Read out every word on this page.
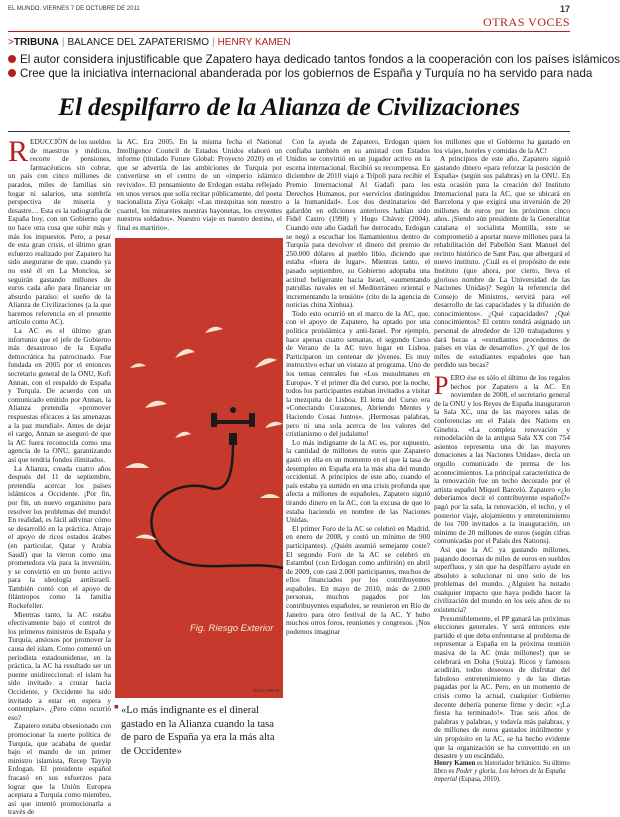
EL MUNDO. VIERNES 7 DE OCTUBRE DE 2011	17
OTRAS VOCES
>TRIBUNA | BALANCE DEL ZAPATERISMO | HENRY KAMEN
El autor considera injustificable que Zapatero haya dedicado tantos fondos a la cooperación con los países islámicos
Cree que la iniciativa internacional abanderada por los gobiernos de España y Turquía no ha servido para nada
El despilfarro de la Alianza de Civilizaciones

REDUCCIÓN de los sueldos de maestros y médicos, recorte de pensiones, farmacéuticos sin cobrar, un país con cinco millones de parados, miles de familias sin hogar ni salarios, una sombría perspectiva de miseria y desastre… Esta es la radiografía de España hoy, con un Gobierno que no hace otra cosa que subir más y más los impuestos. Pero, a pesar de esta gran crisis, el último gran esfuerzo realizado por Zapatero ha sido asegurarse de que, cuando ya no esté él en La Moncloa, se seguirán gastando millones de euros cada año para financiar un absurdo paraíso: el sueño de la Alianza de Civilizaciones (a la que haremos referencia en el presente artículo como AC).

La AC es el último gran infortunio que el jefe de Gobierno más desastroso de la España democrática ha patrocinado. Fue fundada en 2005 por el entonces secretario general de la ONU, Kofi Annan, con el respaldo de España y Turquía. De acuerdo con un comunicado emitido por Annan, la Alianza pretendía «promover respuestas eficaces a las amenazas a la paz mundial». Antes de dejar el cargo, Annan se aseguró de que la AC fuera reconocida como una agencia de la ONU, garantizando así que tendría fondos ilimitados.

La Alianza, creada cuatro años después del 11 de septiembre, pretendía acercar los países islámicos a Occidente. ¡Por fin, por fin, un nuevo organismo para resolver los problemas del mundo! En realidad, es fácil adivinar cómo se desarrolló en la práctica. Atrajo el apoyo de ricos estados árabes (en particular, Qatar y Arabia Saudí) que la vieron como una prometedora vía para la inversión, y se convirtió en un frente activo para la ideología antiisraelí. También contó con el apoyo de filántropos como la familia Rockefeller.

Mientras tanto, la AC estaba efectivamente bajo el control de los primeros ministros de España y Turquía, ansiosos por promover la causa del islam. Como comentó un periodista estadounidense, en la práctica, la AC ha resultado ser un puente unidireccional: el islam ha sido invitado a cruzar hacia Occidente, y Occidente ha sido invitado a estar en espera y contemplar». ¿Pero cómo ocurrió eso?

Zapatero estaba obsesionado con promocionar la suerte política de Turquía, que acababa de quedar bajo el mando de un primer ministro islamista, Recep Tayyip Erdogan. El presidente español fracasó en sus esfuerzos para lograr que la Unión Europea aceptara a Turquía como miembro, así que intentó promocionarla a través de

la AC. Era 2005. En la misma fecha el National Intelligence Council de Estados Unidos elaboró un informe (titulado Future Global: Proyecto 2020) en el que se advertía de las ambiciones de Turquía por convertirse en el centro de un «imperio islámico revivido». El pensamiento de Erdogan estaba reflejado en unos versos que solía recitar públicamente, del poeta nacionalista Ziya Gokalp: «Las mezquitas son nuestro cuartel, los minaretes nuestras bayonetas, los creyentes nuestros soldados». Nuestro viaje es nuestro destino, el final es martirio».

Fig. Riesgo Exterior
RAUL ARIAS
▪ «Lo más indignante es el dineral gastado en la Alianza cuando la tasa de paro de España ya era la más alta de Occidente»

Con la ayuda de Zapatero, Erdogan quien confiaba también en su amistad con Estados Unidos se convirtió en un jugador activo en la escena internacional. Recibió su recompensa. En diciembre de 2010 viajó a Trípoli para recibir el Premio Internacional Al Gadafi para los Derechos Humanos, por «servicios distinguidos a la humanidad». Los dos destinatarios del galardón en ediciones anteriores habían sido Fidel Castro (1998) y Hugo Chávez (2004). Cuando este año Gadafi fue derrocado, Erdogan se negó a escuchar los llamamientos dentro de Turquía para devolver el dinero del premio de 250.000 dólares al pueblo libio, diciendo que estaba «fuera de lugar». Mientras tanto, el pasado septiembre, su Gobierno adoptaba una actitud beligerante hacia Israel, «aumentando patrullas navales en el Mediterráneo oriental e incrementando la tensión» (cito de la agencia de noticias china Xinhua).

Todo esto ocurrió en el marco de la AC, que, con el apoyo de Zapatero, ha optado por una política proislámica y anti-Israel. Por ejemplo, hace apenas cuatro semanas, el segundo Curso de Verano de la AC tuvo lugar en Lisboa. Participaron un centenar de jóvenes. Es muy instructivo echar un vistazo al programa. Uno de los temas centrales fue «Los musulmanes en Europa». Y el primer día del curso, por la noche, todos los participantes estaban invitados a visitar la mezquita de Lisboa. El lema del Curso era «Conectando Corazones, Abriendo Mentes y Haciendo Cosas Juntos». ¡Hermosas palabras, pero ni una sola acerca de los valores del cristianismo o del judaísmo!

Lo más indignante de la AC es, por supuesto, la cantidad de millones de euros que Zapatero gastó en ella en un momento en el que la tasa de desempleo en España era la más alta del mundo occidental. A principios de este año, cuando el país estaba ya sumido en una crisis profunda que afecta a millones de españoles, Zapatero siguió tirando dinero en la AC, con la excusa de que lo estaba haciendo en nombre de las Naciones Unidas.

El primer Foro de la AC se celebró en Madrid, en enero de 2008, y costó un mínimo de 900 participantes). ¿Quién asumió semejante coste? El segundo Foro de la AC se celebró en Estambul (con Erdogan como anfitrión) en abril de 2009, con casi 2.000 participantes, muchos de ellos financiados por los contribuyentes españoles. En mayo de 2010, más de 2.000 personas, muchos pagados por los contribuyentes españoles, se reunieron en Río de Janeiro para otro festival de la AC. Y hubo muchos otros foros, reuniones y congresos. ¡Nos podemos imaginar

los millones que el Gobierno ha gastado en los viajes, hoteles y comidas de la AC!

A principios de este año, Zapatero siguió gastando dinero «para reforzar la posición de España» (según sus palabras) en la ONU. En esta ocasión para la creación del Instituto Internacional para la AC, que se ubicará en Barcelona y que exigirá una inversión de 20 millones de euros por los próximos cinco años. ¡Siendo aún presidente de la Generalitat catalana el socialista Montilla, este se comprometió a aportar nueve millones para la rehabilitación del Pabellón Sant Manuel del recinto histórico de Sant Pau, que albergará el nuevo instituto. ¿Cuál es el propósito de este Instituto (que ahora, por cierto, lleva el glorioso nombre de La Universidad de las Naciones Unidas)? Según la referencia del Consejo de Ministros, servirá para «el desarrollo de las capacidades y la difusión de conocimientos». ¿Qué capacidades? ¿Qué conocimientos? El centro tendrá asignado un personal de alrededor de 120 trabajadores y dará becas a «estudiantes procedentes de países en vías de desarrollo». ¿Y qué de los miles de estudiantes españoles que han perdido sus becas?

PERO ése es sólo el último de los regalos hechos por Zapatero a la AC. En noviembre de 2008, el secretario general de la ONU y los Reyes de España inauguraron la Sala XC, una de las mayores salas de conferencias en el Palais des Nations en Ginebra. «La completa renovación y remodelación de la antigua Sala XX con 754 asientos representa una de las mayores donaciones a las Naciones Unidas», decía un orgullo comunicado de prensa de los acontecimientos. La principal característica de la renovación fue un techo decorado por el artista español Miquel Barceló. Zapatero «¿lo deberíamos decir el contribuyente español?» pagó por la sala, la renovación, el techo, y el posterior viaje, alojamiento y entretenimiento de los 700 invitados a la inauguración, un mínimo de 20 millones de euros (según cifras comunicadas por el Palais des Nations).

Así que la AC ya gastando millones, pagando docenas de miles de euros en sueldos superfluos, y sin que ha despilfarro ayude en absoluto a solucionar ni uno solo de los problemas del mundo. ¿Alguien ha notado cualquier impacto que haya podido hacer la civilización del mundo en los seis años de su existencia?

Presumiblemente, el PP ganará las próximas elecciones generales. Y será entonces este partido el que deba enfrentarse al problema de representar a España en la próxima reunión masiva de la AC (más millones!) que se celebrará en Doha (Suiza). Ricos y famosos acudirán, todos deseosos de disfrutar del fabuloso entretenimiento y de las dietas pagadas por la AC. Pero, en un momento de crisis como la actual, cualquier Gobierno decente debería ponerse firme y decir: «¡La fiesta ha terminado!». Tras seis años de palabras y palabras, y todavía más palabras, y de millones de euros gastados inútilmente y sin propósito en la AC, se ha hecho evidente que la organización se ha convertido en un desastre y un escándalo.

Henry Kamen es historiador británico. Su último libro es Poder y gloria. Los héroes de la España imperial (Espasa, 2010).
